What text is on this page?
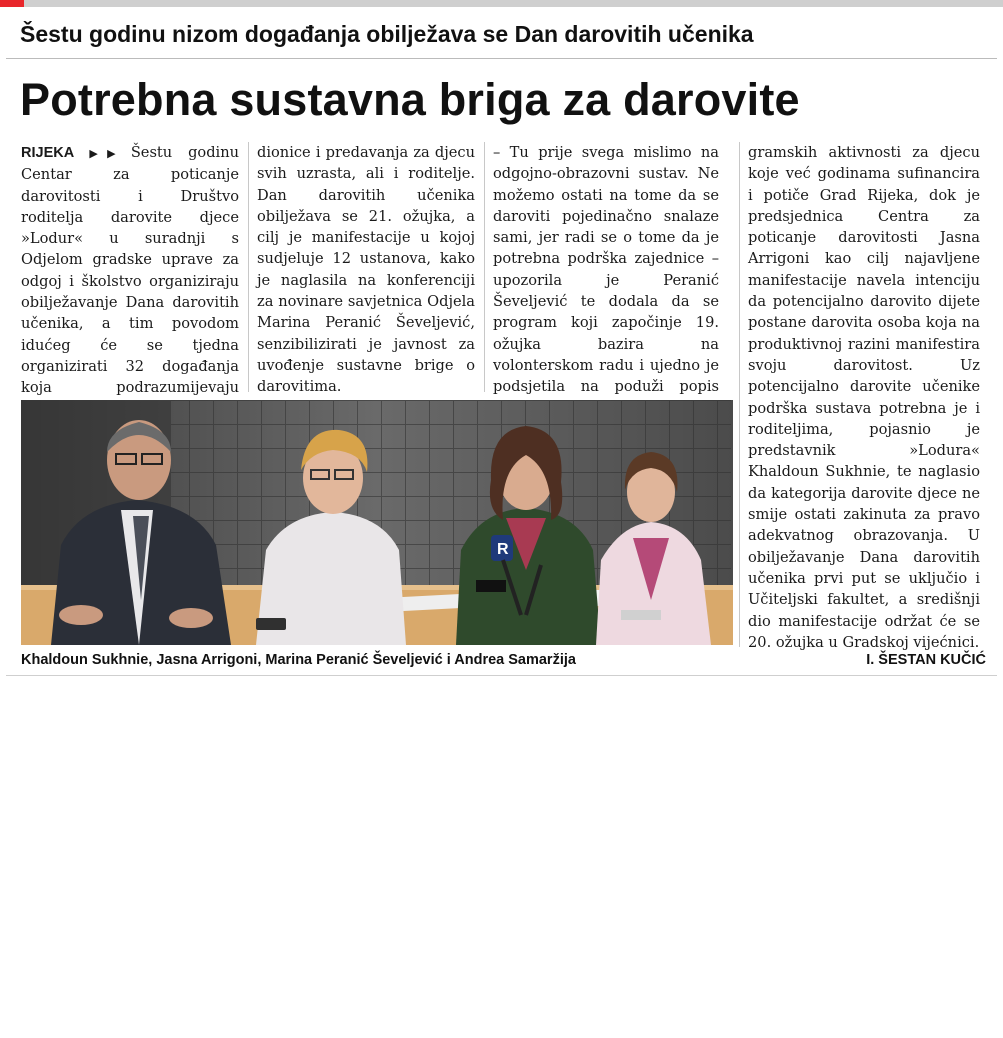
Šestu godinu nizom događanja obilježava se Dan darovitih učenika
Potrebna sustavna briga za darovite

RIJEKA ▶▶ Šestu godinu Centar za poticanje darovitosti i Društvo roditelja darovite djece »Lodur« u suradnji s Odjelom gradske uprave za odgoj i školstvo organiziraju obilježavanje Dana darovitih učenika, a tim povodom idućeg će se tjedna organizirati 32 događanja koja podrazumijevaju

dionice i predavanja za djecu svih uzrasta, ali i roditelje. Dan darovitih učenika obilježava se 21. ožujka, a cilj je manifestacije u kojoj sudjeluje 12 ustanova, kako je naglasila na konferenciji za novinare savjetnica Odjela Marina Peranić Ševeljević, senzibilizirati je javnost za uvođenje sustavne brige o darovitima.

– Tu prije svega mislimo na odgojno-obrazovni sustav. Ne možemo ostati na tome da se daroviti pojedinačno snalaze sami, jer radi se o tome da je potrebna podrška zajednice – upozorila je Peranić Ševeljević te dodala da se program koji započinje 19. ožujka bazira na volonterskom radu i ujedno je podsjetila na poduži popis

gramskih aktivnosti za djecu koje već godinama sufinancira i potiče Grad Rijeka, dok je predsjednica Centra za poticanje darovitosti Jasna Arrigoni kao cilj najavljene manifestacije navela intenciju da potencijalno darovito dijete postane darovita osoba koja na produktivnoj razini manifestira svoju darovitost. Uz potencijalno darovite učenike podrška sustava potrebna je i roditeljima, pojasnio je predstavnik »Lodura« Khaldoun Sukhnie, te naglasio da kategorija darovite djece ne smije ostati zakinuta za pravo adekvatnog obrazovanja. U obilježavanje Dana darovitih učenika prvi put se uključio i Učiteljski fakultet, a središnji dio manifestacije održat će se 20. ožujka u Gradskoj vijećnici.

R
I. TOMIĆ
Khaldoun Sukhnie, Jasna Arrigoni, Marina Peranić Ševeljević i Andrea Samaržija	I. ŠESTAN KUČIĆ
